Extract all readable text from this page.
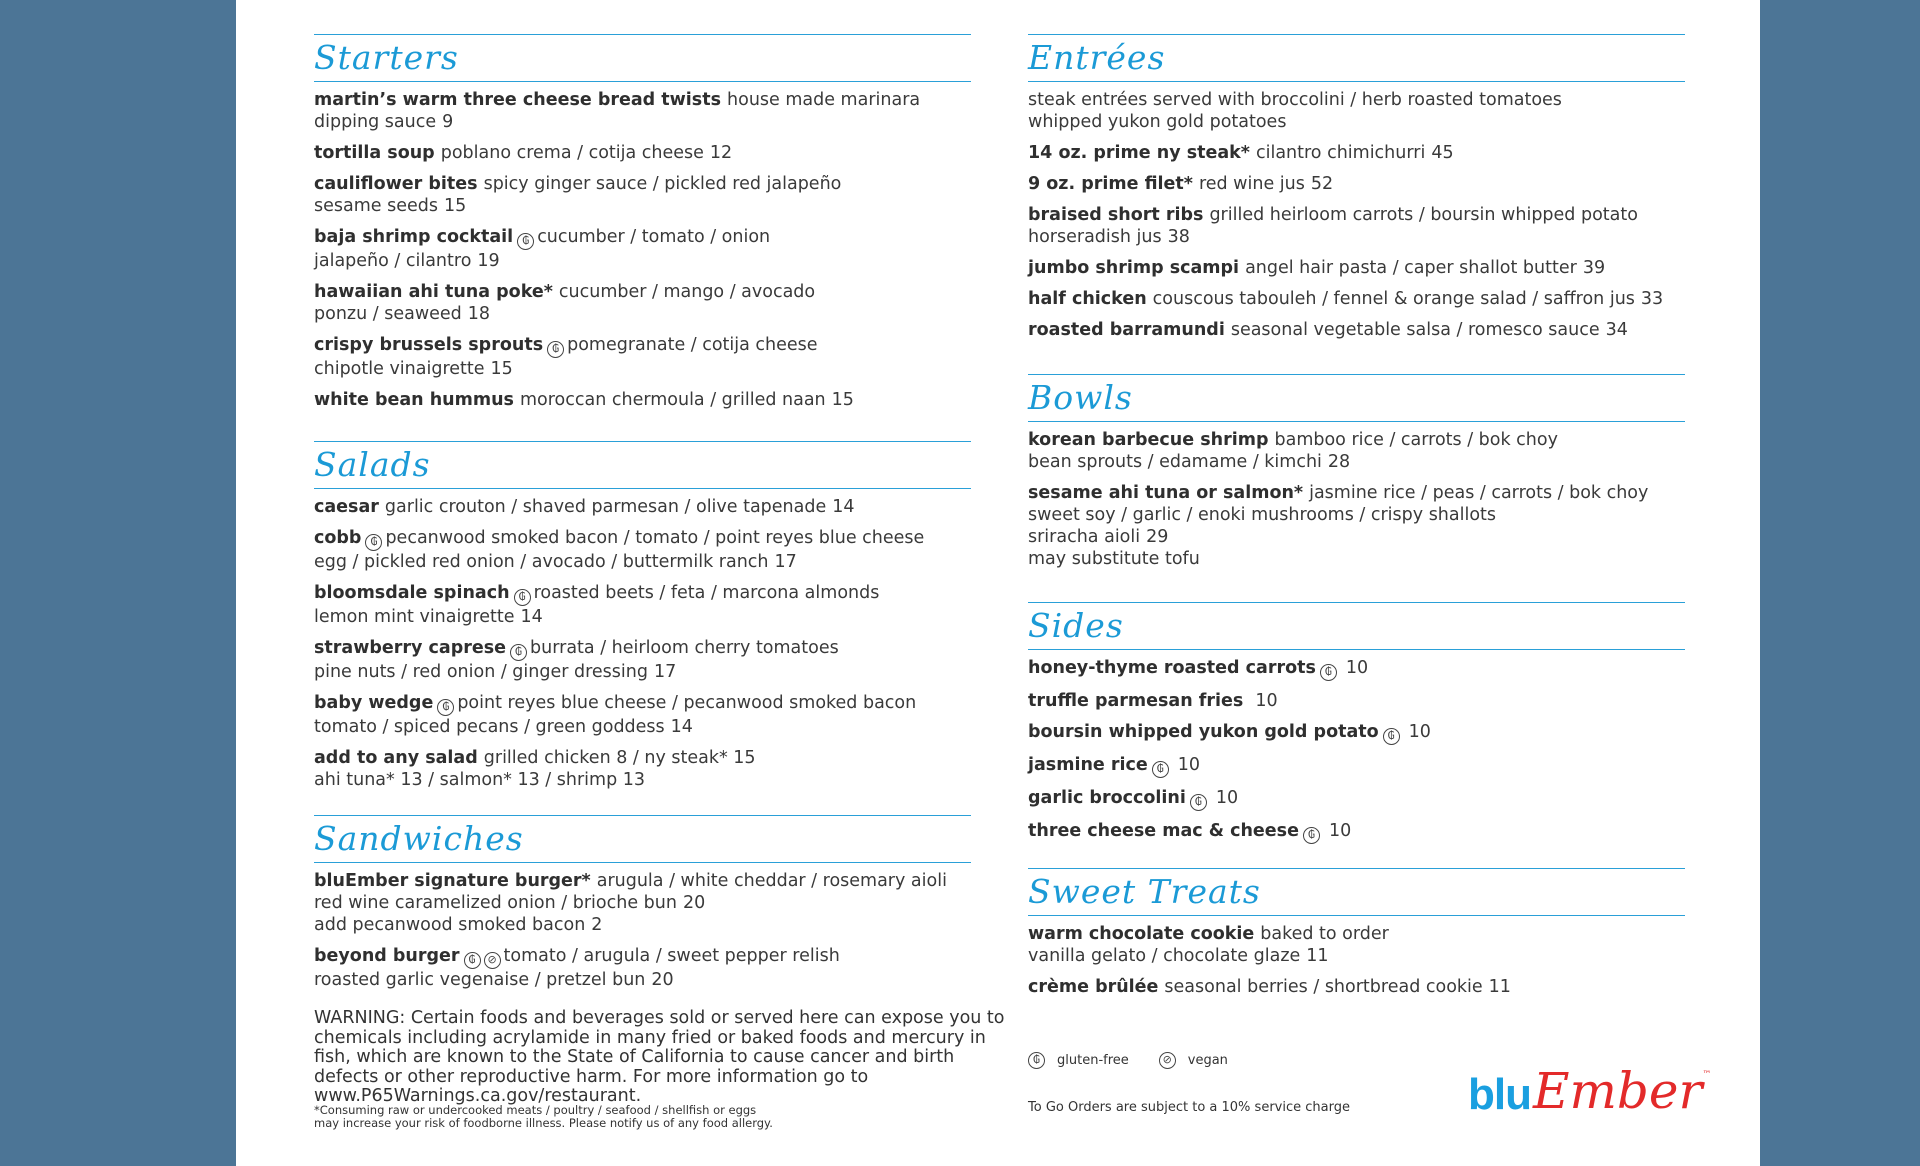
Starters
martin’s warm three cheese bread twists house made marinara
dipping sauce 9
tortilla soup poblano crema / cotija cheese 12
cauliflower bites spicy ginger sauce / pickled red jalapeño
sesame seeds 15
baja shrimp cocktail ₲ cucumber / tomato / onion
jalapeño / cilantro 19
hawaiian ahi tuna poke* cucumber / mango / avocado
ponzu / seaweed 18
crispy brussels sprouts ₲ pomegranate / cotija cheese
chipotle vinaigrette 15
white bean hummus moroccan chermoula / grilled naan 15
Salads
caesar garlic crouton / shaved parmesan / olive tapenade 14
cobb ₲ pecanwood smoked bacon / tomato / point reyes blue cheese
egg / pickled red onion / avocado / buttermilk ranch 17
bloomsdale spinach ₲ roasted beets / feta / marcona almonds
lemon mint vinaigrette 14
strawberry caprese ₲ burrata / heirloom cherry tomatoes
pine nuts / red onion / ginger dressing 17
baby wedge ₲ point reyes blue cheese / pecanwood smoked bacon
tomato / spiced pecans / green goddess 14
add to any salad grilled chicken 8 / ny steak* 15
ahi tuna* 13 / salmon* 13 / shrimp 13
Sandwiches
bluEmber signature burger* arugula / white cheddar / rosemary aioli
red wine caramelized onion / brioche bun 20
add pecanwood smoked bacon 2
beyond burger ₲ ⊘ tomato / arugula / sweet pepper relish
roasted garlic vegenaise / pretzel bun 20
WARNING: Certain foods and beverages sold or served here can expose you to chemicals including acrylamide in many fried or baked foods and mercury in fish, which are known to the State of California to cause cancer and birth defects or other reproductive harm. For more information go to www.P65Warnings.ca.gov/restaurant.
*Consuming raw or undercooked meats / poultry / seafood / shellfish or eggs
may increase your risk of foodborne illness. Please notify us of any food allergy.
Entrées
steak entrées served with broccolini / herb roasted tomatoes
whipped yukon gold potatoes
14 oz. prime ny steak* cilantro chimichurri 45
9 oz. prime filet* red wine jus 52
braised short ribs grilled heirloom carrots / boursin whipped potato
horseradish jus 38
jumbo shrimp scampi angel hair pasta / caper shallot butter 39
half chicken couscous tabouleh / fennel & orange salad / saffron jus 33
roasted barramundi seasonal vegetable salsa / romesco sauce 34
Bowls
korean barbecue shrimp bamboo rice / carrots / bok choy
bean sprouts / edamame / kimchi 28
sesame ahi tuna or salmon* jasmine rice / peas / carrots / bok choy
sweet soy / garlic / enoki mushrooms / crispy shallots
sriracha aioli 29
may substitute tofu
Sides
honey-thyme roasted carrots ₲ 10
truffle parmesan fries 10
boursin whipped yukon gold potato ₲ 10
jasmine rice ₲ 10
garlic broccolini ₲ 10
three cheese mac & cheese ₲ 10
Sweet Treats
warm chocolate cookie baked to order
vanilla gelato / chocolate glaze 11
crème brûlée seasonal berries / shortbread cookie 11
₲	gluten-free	⊘ vegan
To Go Orders are subject to a 10% service charge	blu Ember ™
